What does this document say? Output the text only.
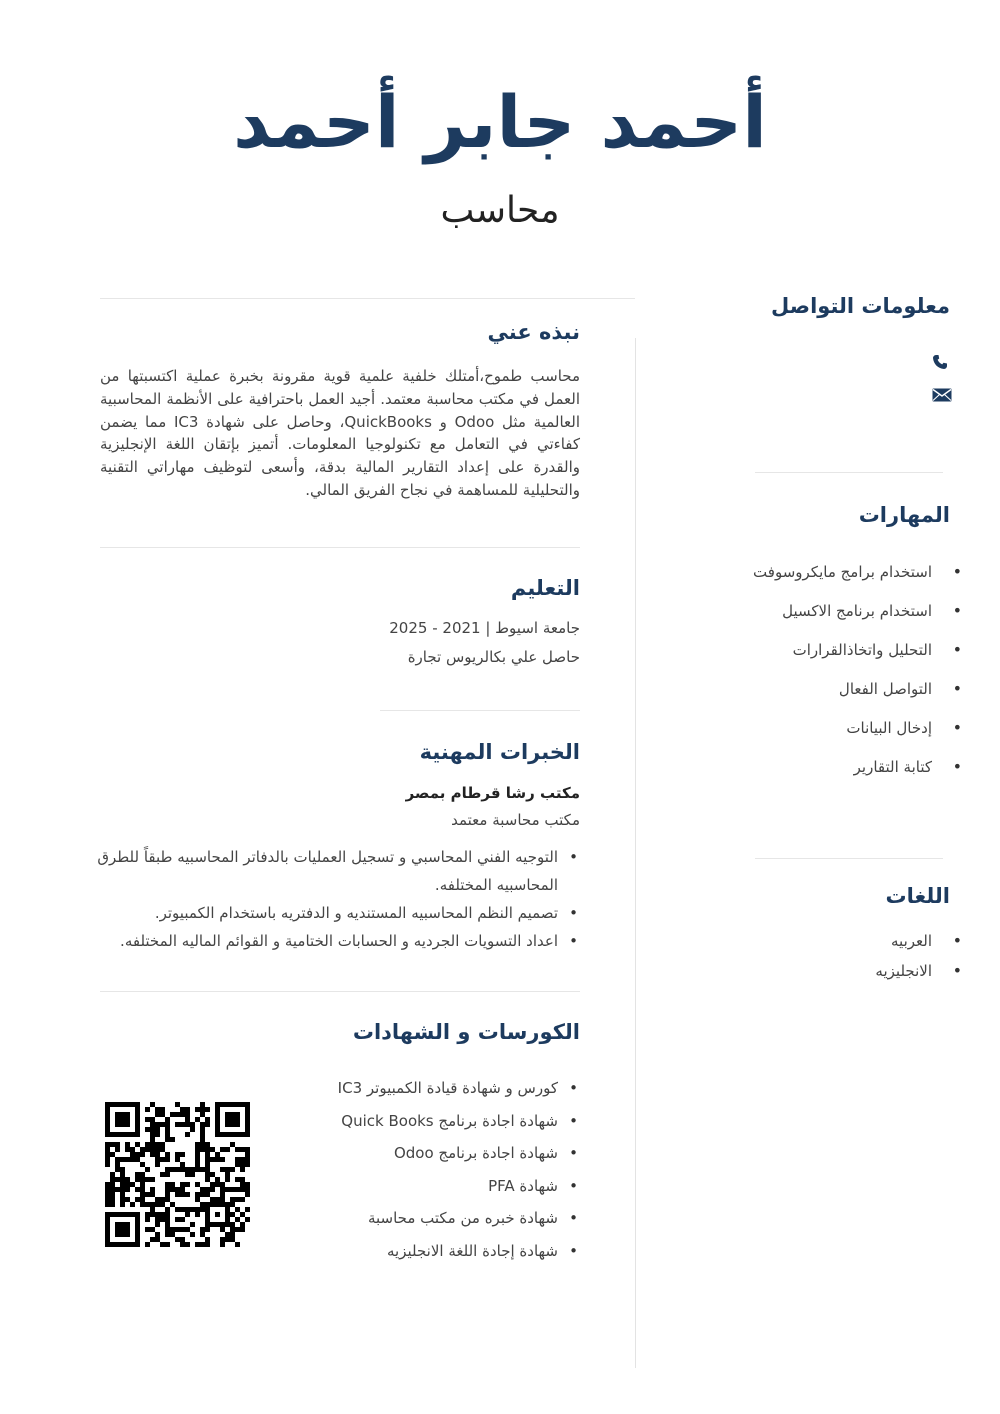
أحمد جابر أحمد
محاسب
معلومات التواصل
المهارات
• استخدام برامج مايكروسوفت
• استخدام برنامج الاكسيل
• التحليل واتخاذالقرارات
• التواصل الفعال
• إدخال البيانات
• كتابة التقارير
اللغات
• العربيه
• الانجليزيه
نبذه عني

محاسب طموح،أمتلك خلفية علمية قوية مقرونة بخبرة عملية اكتسبتها من العمل في مكتب محاسبة معتمد. أجيد العمل باحترافية على الأنظمة المحاسبية العالمية مثل Odoo و QuickBooks، وحاصل على شهادة IC3 مما يضمن كفاءتي في التعامل مع تكنولوجيا المعلومات. أتميز بإتقان اللغة الإنجليزية والقدرة على إعداد التقارير المالية بدقة، وأسعى لتوظيف مهاراتي التقنية والتحليلية للمساهمة في نجاح الفريق المالي.

التعليم
جامعة اسيوط | 2021 - 2025
حاصل علي بكالريوس تجارة
الخبرات المهنية
مكتب رشا قرطام بمصر
مكتب محاسبة معتمد
• التوجيه الفني المحاسبي و تسجيل العمليات بالدفاتر المحاسبيه طبقاً للطرق المحاسبيه المختلفه.
• تصميم النظم المحاسبيه المستنديه و الدفتريه باستخدام الكمبيوتر.
• اعداد التسويات الجرديه و الحسابات الختامية و القوائم الماليه المختلفه.
الكورسات و الشهادات
• كورس و شهادة قيادة الكمبيوتر IC3
• شهادة اجادة برنامج Quick Books
• شهادة اجادة برنامج Odoo
• شهادة PFA
• شهادة خبره من مكتب محاسبة
• شهادة إجادة اللغة الانجليزيه
